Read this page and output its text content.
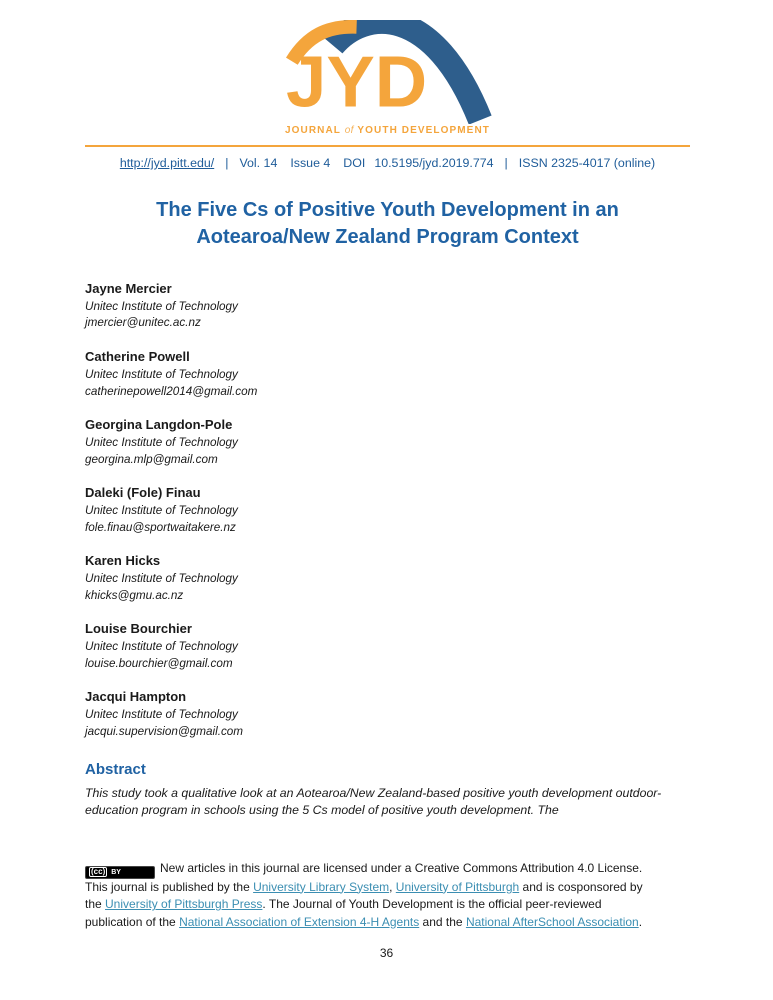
JYD
JOURNAL of YOUTH DEVELOPMENT
http://jyd.pitt.edu/ | Vol. 14 Issue 4 DOI 10.5195/jyd.2019.774 | ISSN 2325-4017 (online)
The Five Cs of Positive Youth Development in an Aotearoa/New Zealand Program Context
Jayne Mercier
Unitec Institute of Technology
jmercier@unitec.ac.nz
Catherine Powell
Unitec Institute of Technology
catherinepowell2014@gmail.com
Georgina Langdon-Pole
Unitec Institute of Technology
georgina.mlp@gmail.com
Daleki (Fole) Finau
Unitec Institute of Technology
fole.finau@sportwaitakere.nz
Karen Hicks
Unitec Institute of Technology
khicks@gmu.ac.nz
Louise Bourchier
Unitec Institute of Technology
louise.bourchier@gmail.com
Jacqui Hampton
Unitec Institute of Technology
jacqui.supervision@gmail.com
Abstract

This study took a qualitative look at an Aotearoa/New Zealand-based positive youth development outdoor-education program in schools using the 5 Cs model of positive youth development. The

(cc) BY	New articles in this journal are licensed under a Creative Commons Attribution 4.0 License.
This journal is published by the University Library System, University of Pittsburgh and is cosponsored by
the University of Pittsburgh Press. The Journal of Youth Development is the official peer-reviewed
publication of the National Association of Extension 4-H Agents and the National AfterSchool Association.
36
